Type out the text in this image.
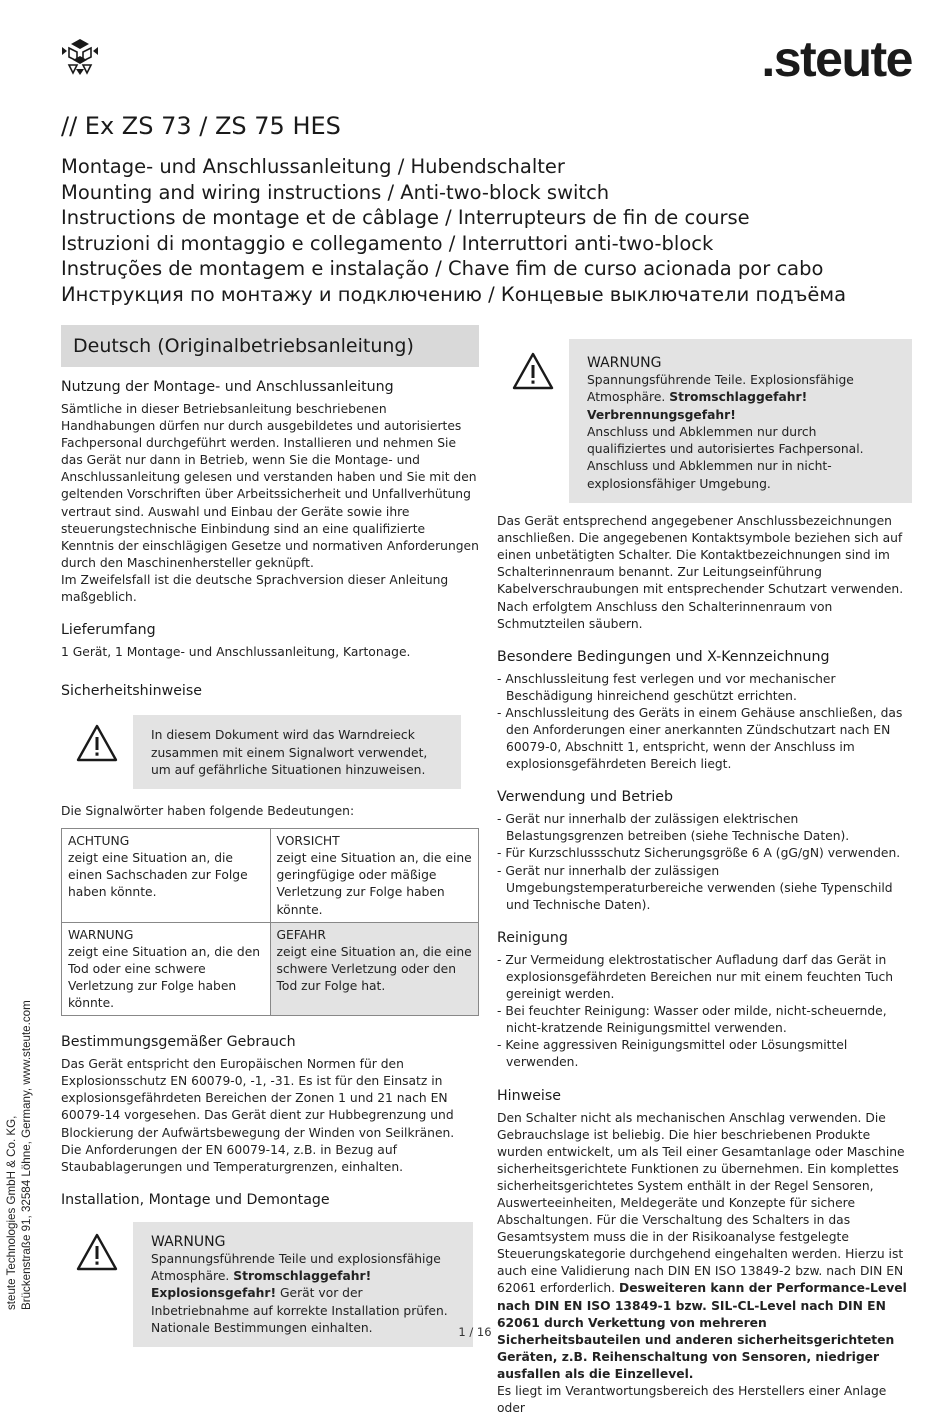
.steute
// Ex ZS 73 / ZS 75 HES
Montage- und Anschlussanleitung / Hubendschalter
Mounting and wiring instructions / Anti-two-block switch
Instructions de montage et de câblage / Interrupteurs de fin de course
Istruzioni di montaggio e collegamento / Interruttori anti-two-block
Instruções de montagem e instalação / Chave fim de curso acionada por cabo
Инструкция по монтажу и подключению / Концевые выключатели подъёма
Deutsch (Originalbetriebsanleitung)
Nutzung der Montage- und Anschlussanleitung

Sämtliche in dieser Betriebsanleitung beschriebenen Handhabungen dürfen nur durch ausgebildetes und autorisiertes Fachpersonal durchgeführt werden. Installieren und nehmen Sie das Gerät nur dann in Betrieb, wenn Sie die Montage- und Anschlussanleitung gelesen und verstanden haben und Sie mit den geltenden Vorschriften über Arbeitssicherheit und Unfallverhütung vertraut sind. Auswahl und Einbau der Geräte sowie ihre steuerungstechnische Einbindung sind an eine qualifizierte Kenntnis der einschlägigen Gesetze und normativen Anforderungen durch den Maschinenhersteller geknüpft.

Im Zweifelsfall ist die deutsche Sprachversion dieser Anleitung maßgeblich.

Lieferumfang

1 Gerät, 1 Montage- und Anschlussanleitung, Kartonage.

Sicherheitshinweise

In diesem Dokument wird das Warndreieck zusammen mit einem Signalwort verwendet, um auf gefährliche Situationen hinzuweisen.

Die Signalwörter haben folgende Bedeutungen:

ACHTUNG
zeigt eine Situation an, die einen Sachschaden zur Folge haben könnte.	VORSICHT
zeigt eine Situation an, die eine geringfügige oder mäßige Verletzung zur Folge haben könnte.

WARNUNG
zeigt eine Situation an, die den Tod oder eine schwere Verletzung zur Folge haben könnte.	GEFAHR
zeigt eine Situation an, die eine schwere Verletzung oder den Tod zur Folge hat.
Bestimmungsgemäßer Gebrauch

Das Gerät entspricht den Europäischen Normen für den Explosionsschutz EN 60079-0, -1, -31. Es ist für den Einsatz in explosionsgefährdeten Bereichen der Zonen 1 und 21 nach EN 60079-14 vorgesehen. Das Gerät dient zur Hubbegrenzung und Blockierung der Aufwärtsbewegung der Winden von Seilkränen.

Die Anforderungen der EN 60079-14, z.B. in Bezug auf Staubablagerungen und Temperaturgrenzen, einhalten.

Installation, Montage und Demontage
WARNUNG

Spannungsführende Teile und explosionsfähige Atmosphäre. Stromschlaggefahr! Explosionsgefahr! Gerät vor der Inbetriebnahme auf korrekte Installation prüfen. Nationale Bestimmungen einhalten.

WARNUNG

Spannungsführende Teile. Explosionsfähige Atmosphäre. Stromschlaggefahr! Verbrennungsgefahr!

Anschluss und Abklemmen nur durch qualifiziertes und autorisiertes Fachpersonal.

Anschluss und Abklemmen nur in nicht-explosionsfähiger Umgebung.

Das Gerät entsprechend angegebener Anschlussbezeichnungen anschließen. Die angegebenen Kontaktsymbole beziehen sich auf einen unbetätigten Schalter. Die Kontaktbezeichnungen sind im Schalterinnenraum benannt. Zur Leitungseinführung Kabelverschraubungen mit entsprechender Schutzart verwenden. Nach erfolgtem Anschluss den Schalterinnenraum von Schmutzteilen säubern.

Besondere Bedingungen und X-Kennzeichnung
- Anschlussleitung fest verlegen und vor mechanischer Beschädigung hinreichend geschützt errichten.
- Anschlussleitung des Geräts in einem Gehäuse anschließen, das den Anforderungen einer anerkannten Zündschutzart nach EN 60079-0, Abschnitt 1, entspricht, wenn der Anschluss im explosionsgefährdeten Bereich liegt.
Verwendung und Betrieb
- Gerät nur innerhalb der zulässigen elektrischen Belastungsgrenzen betreiben (siehe Technische Daten).
- Für Kurzschlussschutz Sicherungsgröße 6 A (gG/gN) verwenden.
- Gerät nur innerhalb der zulässigen Umgebungstemperaturbereiche verwenden (siehe Typenschild und Technische Daten).
Reinigung
- Zur Vermeidung elektrostatischer Aufladung darf das Gerät in explosionsgefährdeten Bereichen nur mit einem feuchten Tuch gereinigt werden.
- Bei feuchter Reinigung: Wasser oder milde, nicht-scheuernde, nicht-kratzende Reinigungsmittel verwenden.
- Keine aggressiven Reinigungsmittel oder Lösungsmittel verwenden.
Hinweise

Den Schalter nicht als mechanischen Anschlag verwenden. Die Gebrauchslage ist beliebig. Die hier beschriebenen Produkte wurden entwickelt, um als Teil einer Gesamtanlage oder Maschine sicherheitsgerichtete Funktionen zu übernehmen. Ein komplettes sicherheitsgerichtetes System enthält in der Regel Sensoren, Auswerteeinheiten, Meldegeräte und Konzepte für sichere Abschaltungen. Für die Verschaltung des Schalters in das Gesamtsystem muss die in der Risikoanalyse festgelegte Steuerungskategorie durchgehend eingehalten werden. Hierzu ist auch eine Validierung nach DIN EN ISO 13849-2 bzw. nach DIN EN 62061 erforderlich. Desweiteren kann der Performance-Level nach DIN EN ISO 13849-1 bzw. SIL-CL-Level nach DIN EN 62061 durch Verkettung von mehreren Sicherheitsbauteilen und anderen sicherheitsgerichteten Geräten, z.B. Reihenschaltung von Sensoren, niedriger ausfallen als die Einzellevel.

Es liegt im Verantwortungsbereich des Herstellers einer Anlage oder

steute Technologies GmbH & Co. KG, Brückenstraße 91, 32584 Löhne, Germany, www.steute.com
1 / 16
